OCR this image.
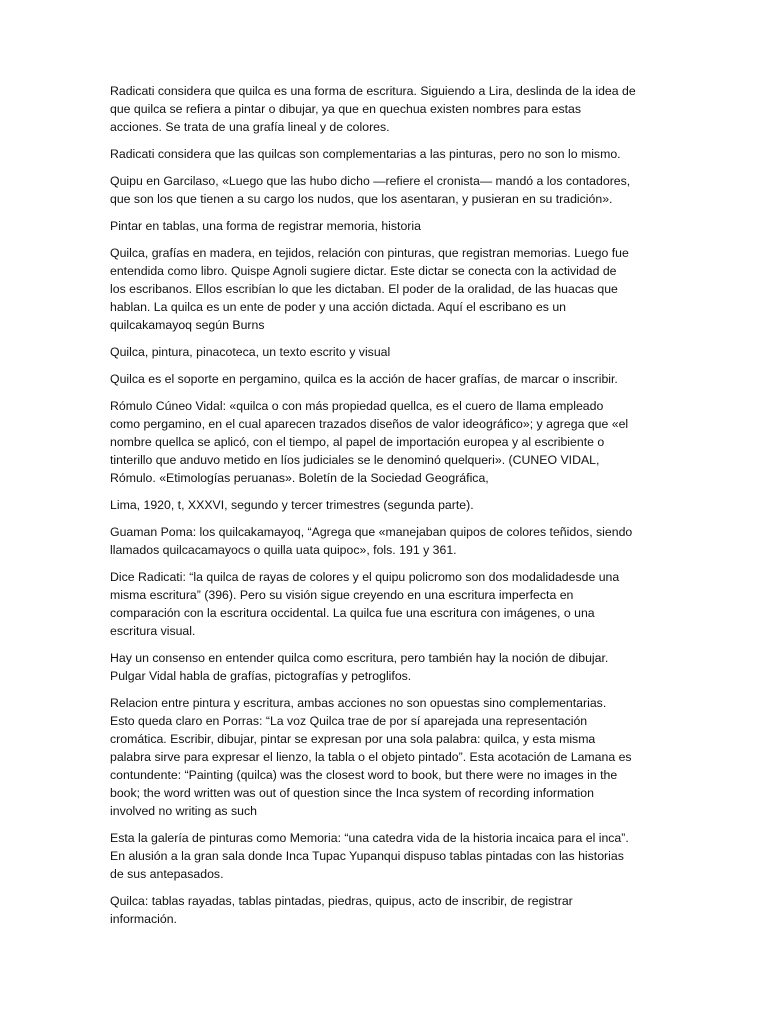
Radicati considera que quilca es una forma de escritura. Siguiendo a Lira, deslinda de la idea de
que quilca se refiera a pintar o dibujar, ya que en quechua existen nombres para estas
acciones. Se trata de una grafía lineal y de colores.

Radicati considera que las quilcas son complementarias a las pinturas, pero no son lo mismo.

Quipu en Garcilaso, «Luego que las hubo dicho —refiere el cronista— mandó a los contadores,
que son los que tienen a su cargo los nudos, que los asentaran, y pusieran en su tradición».

Pintar en tablas, una forma de registrar memoria, historia

Quilca, grafías en madera, en tejidos, relación con pinturas, que registran memorias. Luego fue
entendida como libro. Quispe Agnoli sugiere dictar. Este dictar se conecta con la actividad de
los escribanos. Ellos escribían lo que les dictaban. El poder de la oralidad, de las huacas que
hablan. La quilca es un ente de poder y una acción dictada. Aquí el escribano es un
quilcakamayoq según Burns

Quilca, pintura, pinacoteca, un texto escrito y visual

Quilca es el soporte en pergamino, quilca es la acción de hacer grafías, de marcar o inscribir.

Rómulo Cúneo Vidal: «quilca o con más propiedad quellca, es el cuero de llama empleado
como pergamino, en el cual aparecen trazados diseños de valor ideográfico»; y agrega que «el
nombre quellca se aplicó, con el tiempo, al papel de importación europea y al escribiente o
tinterillo que anduvo metido en líos judiciales se le denominó quelqueri». (CUNEO VIDAL,
Rómulo. «Etimologías peruanas». Boletín de la Sociedad Geográfica,

Lima, 1920, t, XXXVI, segundo y tercer trimestres (segunda parte).

Guaman Poma: los quilcakamayoq, “Agrega que «manejaban quipos de colores teñidos, siendo
llamados quilcacamayocs o quilla uata quipoc», fols. 191 y 361.

Dice Radicati: “la quilca de rayas de colores y el quipu policromo son dos modalidadesde una
misma escritura” (396). Pero su visión sigue creyendo en una escritura imperfecta en
comparación con la escritura occidental. La quilca fue una escritura con imágenes, o una
escritura visual.

Hay un consenso en entender quilca como escritura, pero también hay la noción de dibujar.
Pulgar Vidal habla de grafías, pictografías y petroglifos.

Relacion entre pintura y escritura, ambas acciones no son opuestas sino complementarias.
Esto queda claro en Porras: “La voz Quilca trae de por sí aparejada una representación
cromática. Escribir, dibujar, pintar se expresan por una sola palabra: quilca, y esta misma
palabra sirve para expresar el lienzo, la tabla o el objeto pintado”. Esta acotación de Lamana es
contundente: “Painting (quilca) was the closest word to book, but there were no images in the
book; the word written was out of question since the Inca system of recording information
involved no writing as such

Esta la galería de pinturas como Memoria: “una catedra vida de la historia incaica para el inca”.
En alusión a la gran sala donde Inca Tupac Yupanqui dispuso tablas pintadas con las historias
de sus antepasados.

Quilca: tablas rayadas, tablas pintadas, piedras, quipus, acto de inscribir, de registrar
información.
